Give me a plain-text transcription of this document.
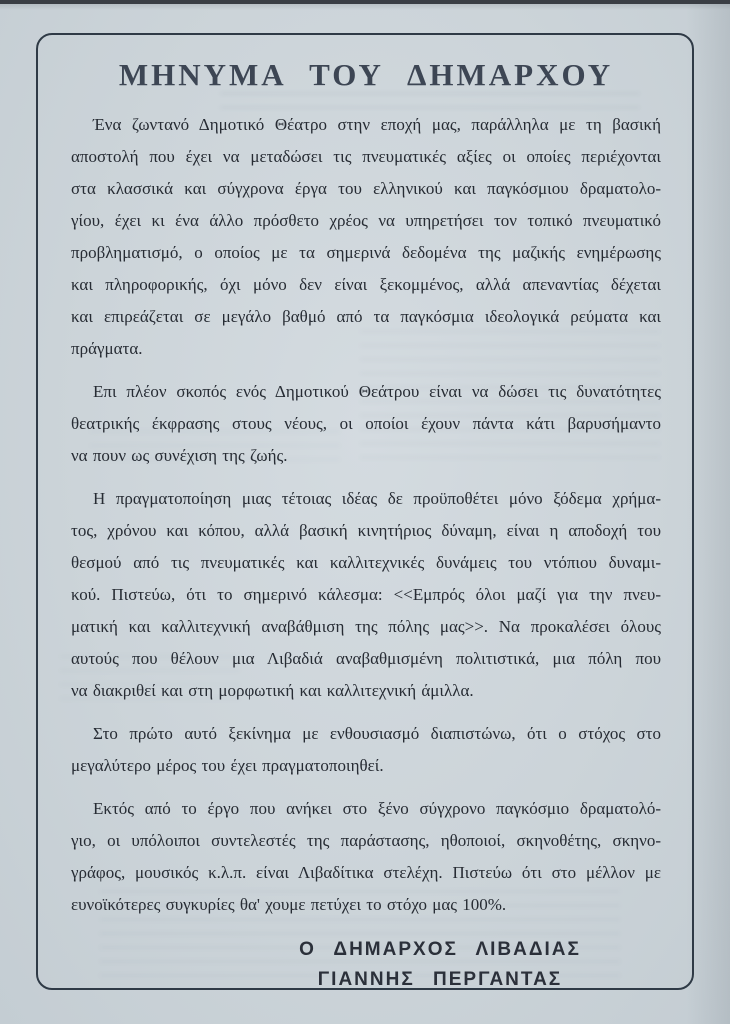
ΜΗΝΥΜΑ ΤΟΥ ΔΗΜΑΡΧΟΥ

Ένα ζωντανό Δημοτικό Θέατρο στην εποχή μας, παράλληλα με τη βασική
αποστολή που έχει να μεταδώσει τις πνευματικές αξίες οι οποίες περιέχονται
στα κλασσικά και σύγχρονα έργα του ελληνικού και παγκόσμιου δραματολο-
γίου, έχει κι ένα άλλο πρόσθετο χρέος να υπηρετήσει τον τοπικό πνευματικό
προβληματισμό, ο οποίος με τα σημερινά δεδομένα της μαζικής ενημέρωσης
και πληροφορικής, όχι μόνο δεν είναι ξεκομμένος, αλλά απεναντίας δέχεται
και επιρεάζεται σε μεγάλο βαθμό από τα παγκόσμια ιδεολογικά ρεύματα και
πράγματα.

Επι πλέον σκοπός ενός Δημοτικού Θεάτρου είναι να δώσει τις δυνατότητες
θεατρικής έκφρασης στους νέους, οι οποίοι έχουν πάντα κάτι βαρυσήμαντο
να πουν ως συνέχιση της ζωής.

Η πραγματοποίηση μιας τέτοιας ιδέας δε προϋποθέτει μόνο ξόδεμα χρήμα-
τος, χρόνου και κόπου, αλλά βασική κινητήριος δύναμη, είναι η αποδοχή του
θεσμού από τις πνευματικές και καλλιτεχνικές δυνάμεις του ντόπιου δυναμι-
κού. Πιστεύω, ότι το σημερινό κάλεσμα: <<Εμπρός όλοι μαζί για την πνευ-
ματική και καλλιτεχνική αναβάθμιση της πόλης μας>>. Να προκαλέσει όλους
αυτούς που θέλουν μια Λιβαδιά αναβαθμισμένη πολιτιστικά, μια πόλη που
να διακριθεί και στη μορφωτική και καλλιτεχνική άμιλλα.

Στο πρώτο αυτό ξεκίνημα με ενθουσιασμό διαπιστώνω, ότι ο στόχος στο
μεγαλύτερο μέρος του έχει πραγματοποιηθεί.

Εκτός από το έργο που ανήκει στο ξένο σύγχρονο παγκόσμιο δραματολό-
γιο, οι υπόλοιποι συντελεστές της παράστασης, ηθοποιοί, σκηνοθέτης, σκηνο-
γράφος, μουσικός κ.λ.π. είναι Λιβαδίτικα στελέχη. Πιστεύω ότι στο μέλλον με
ευνοϊκότερες συγκυρίες θα' χουμε πετύχει το στόχο μας 100%.

Ο ΔΗΜΑΡΧΟΣ ΛΙΒΑΔΙΑΣ
ΓΙΑΝΝΗΣ ΠΕΡΓΑΝΤΑΣ
